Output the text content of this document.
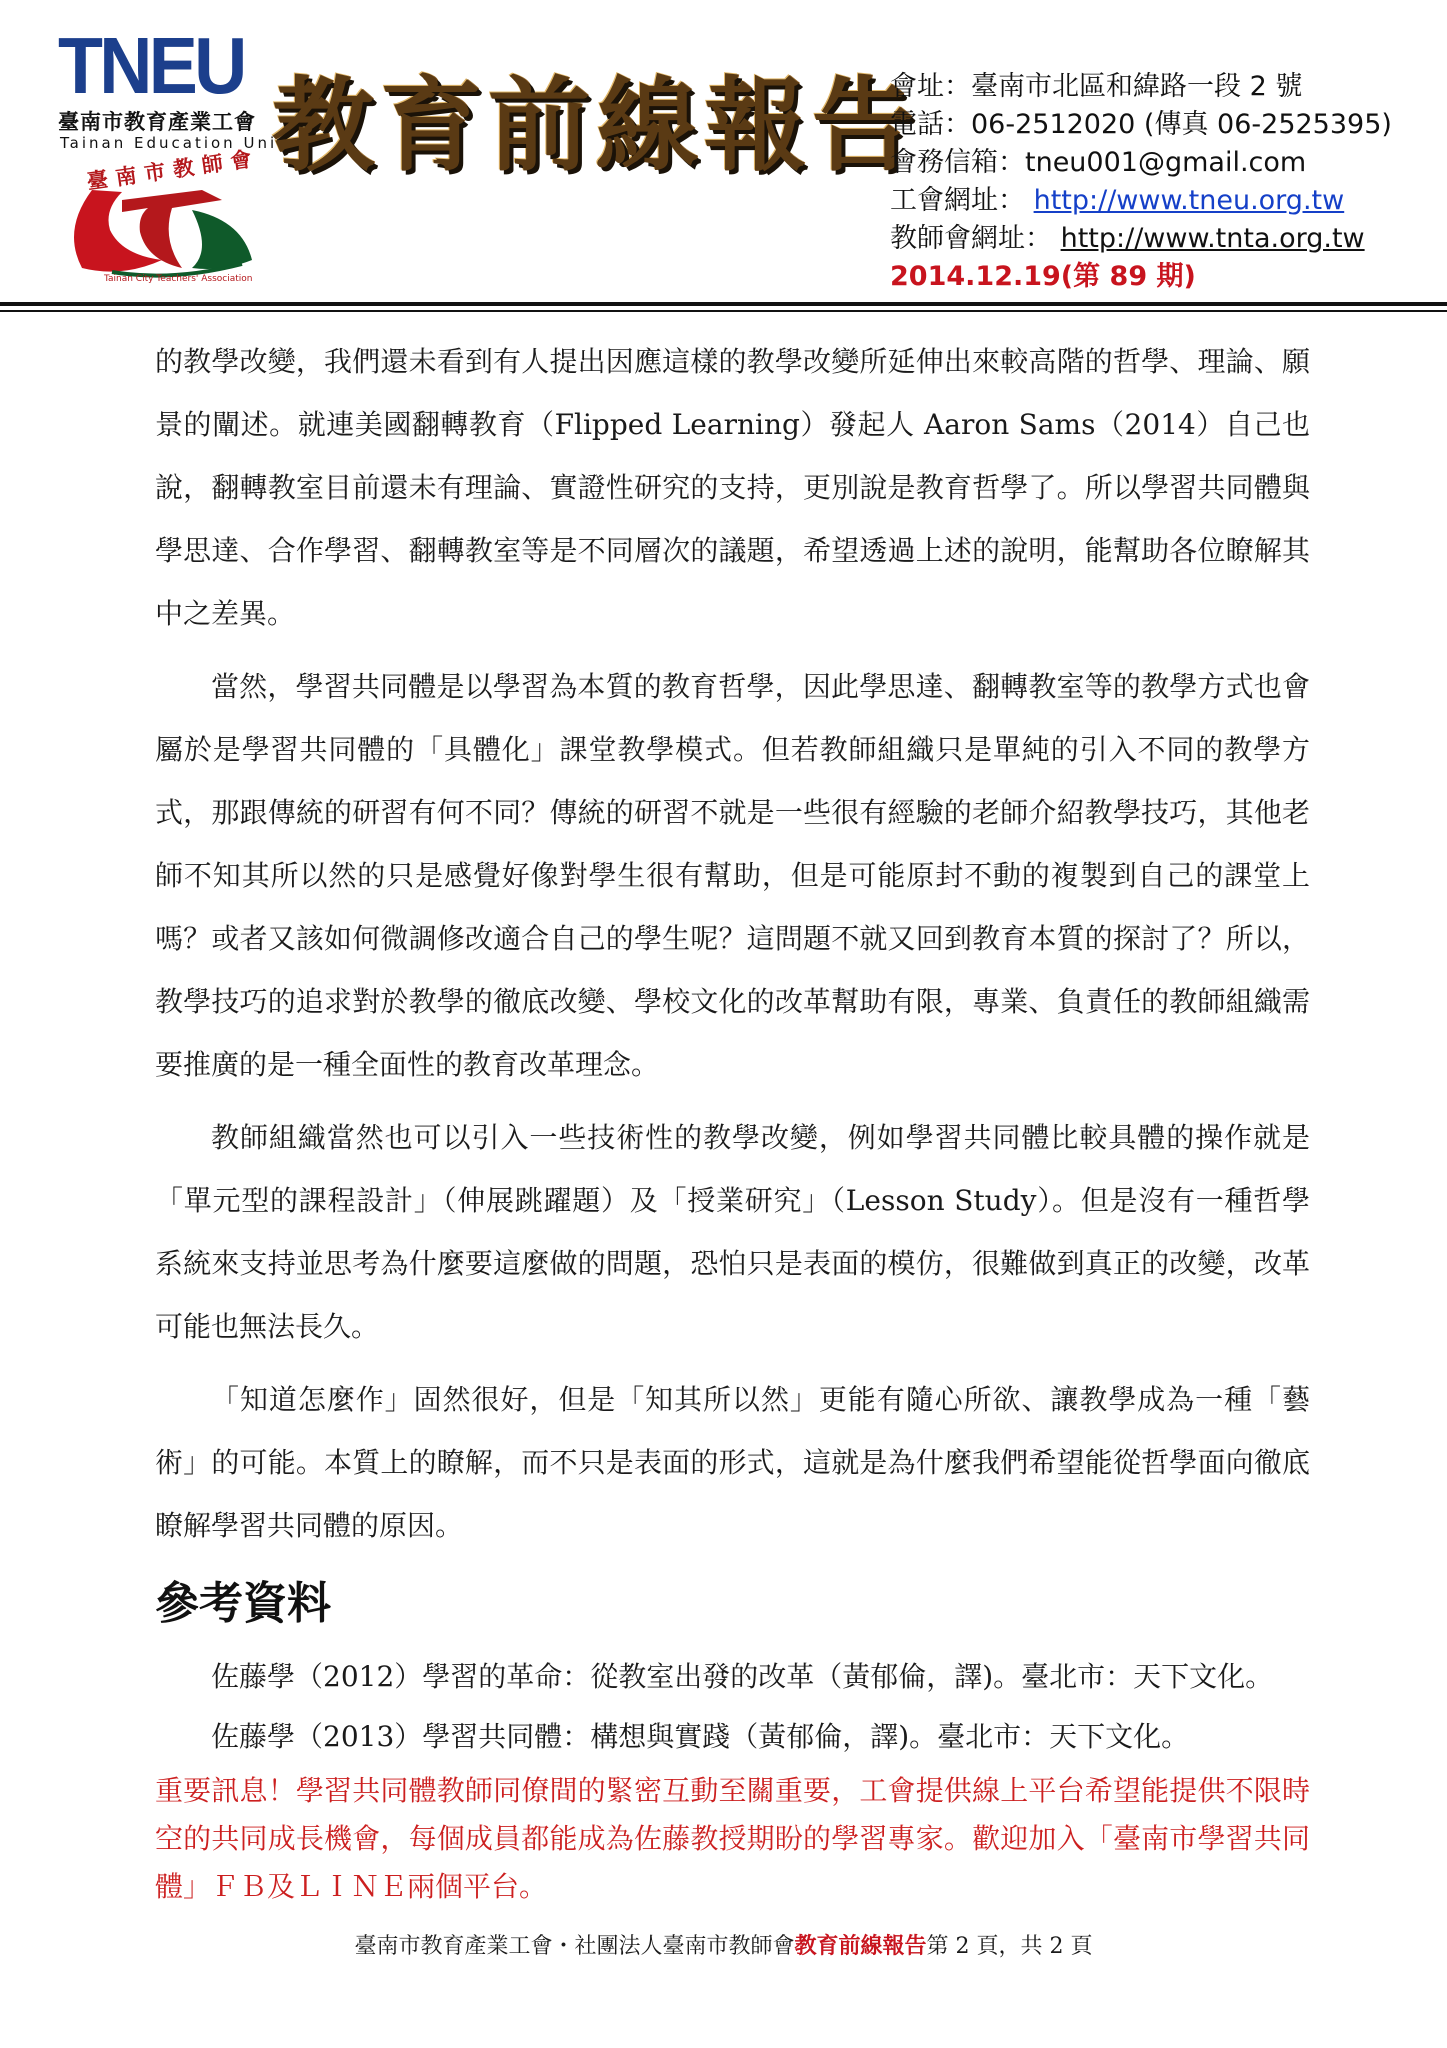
TNEU
臺南市教育產業工會
Tainan Education Union
臺南市教師會
Tainan City Teachers' Association
教育前線報告
會址：臺南市北區和緯路一段 2 號
電話：06-2512020 (傳真 06-2525395)
會務信箱：tneu001@gmail.com
工會網址： http://www.tneu.org.tw
教師會網址： http://www.tnta.org.tw
2014.12.19(第 89 期)

的教學改變，我們還未看到有人提出因應這樣的教學改變所延伸出來較高階的哲學、理論、願景的闡述。就連美國翻轉教育（Flipped Learning）發起人 Aaron Sams（2014）自己也說，翻轉教室目前還未有理論、實證性研究的支持，更別說是教育哲學了。所以學習共同體與學思達、合作學習、翻轉教室等是不同層次的議題，希望透過上述的說明，能幫助各位瞭解其中之差異。

當然，學習共同體是以學習為本質的教育哲學，因此學思達、翻轉教室等的教學方式也會屬於是學習共同體的「具體化」課堂教學模式。但若教師組織只是單純的引入不同的教學方式，那跟傳統的研習有何不同？傳統的研習不就是一些很有經驗的老師介紹教學技巧，其他老師不知其所以然的只是感覺好像對學生很有幫助，但是可能原封不動的複製到自己的課堂上嗎？或者又該如何微調修改適合自己的學生呢？這問題不就又回到教育本質的探討了？所以，教學技巧的追求對於教學的徹底改變、學校文化的改革幫助有限，專業、負責任的教師組織需要推廣的是一種全面性的教育改革理念。

教師組織當然也可以引入一些技術性的教學改變，例如學習共同體比較具體的操作就是「單元型的課程設計」（伸展跳躍題）及「授業研究」（Lesson Study）。但是沒有一種哲學系統來支持並思考為什麼要這麼做的問題，恐怕只是表面的模仿，很難做到真正的改變，改革可能也無法長久。

「知道怎麼作」固然很好，但是「知其所以然」更能有隨心所欲、讓教學成為一種「藝術」的可能。本質上的瞭解，而不只是表面的形式，這就是為什麼我們希望能從哲學面向徹底瞭解學習共同體的原因。

參考資料

佐藤學（2012）學習的革命：從教室出發的改革（黃郁倫，譯)。臺北市：天下文化。

佐藤學（2013）學習共同體：構想與實踐（黃郁倫，譯)。臺北市：天下文化。

重要訊息！學習共同體教師同僚間的緊密互動至關重要，工會提供線上平台希望能提供不限時空的共同成長機會，每個成員都能成為佐藤教授期盼的學習專家。歡迎加入「臺南市學習共同體」ＦＢ及ＬＩＮＥ兩個平台。

臺南市教育產業工會・社團法人臺南市教師會教育前線報告第 2 頁，共 2 頁
